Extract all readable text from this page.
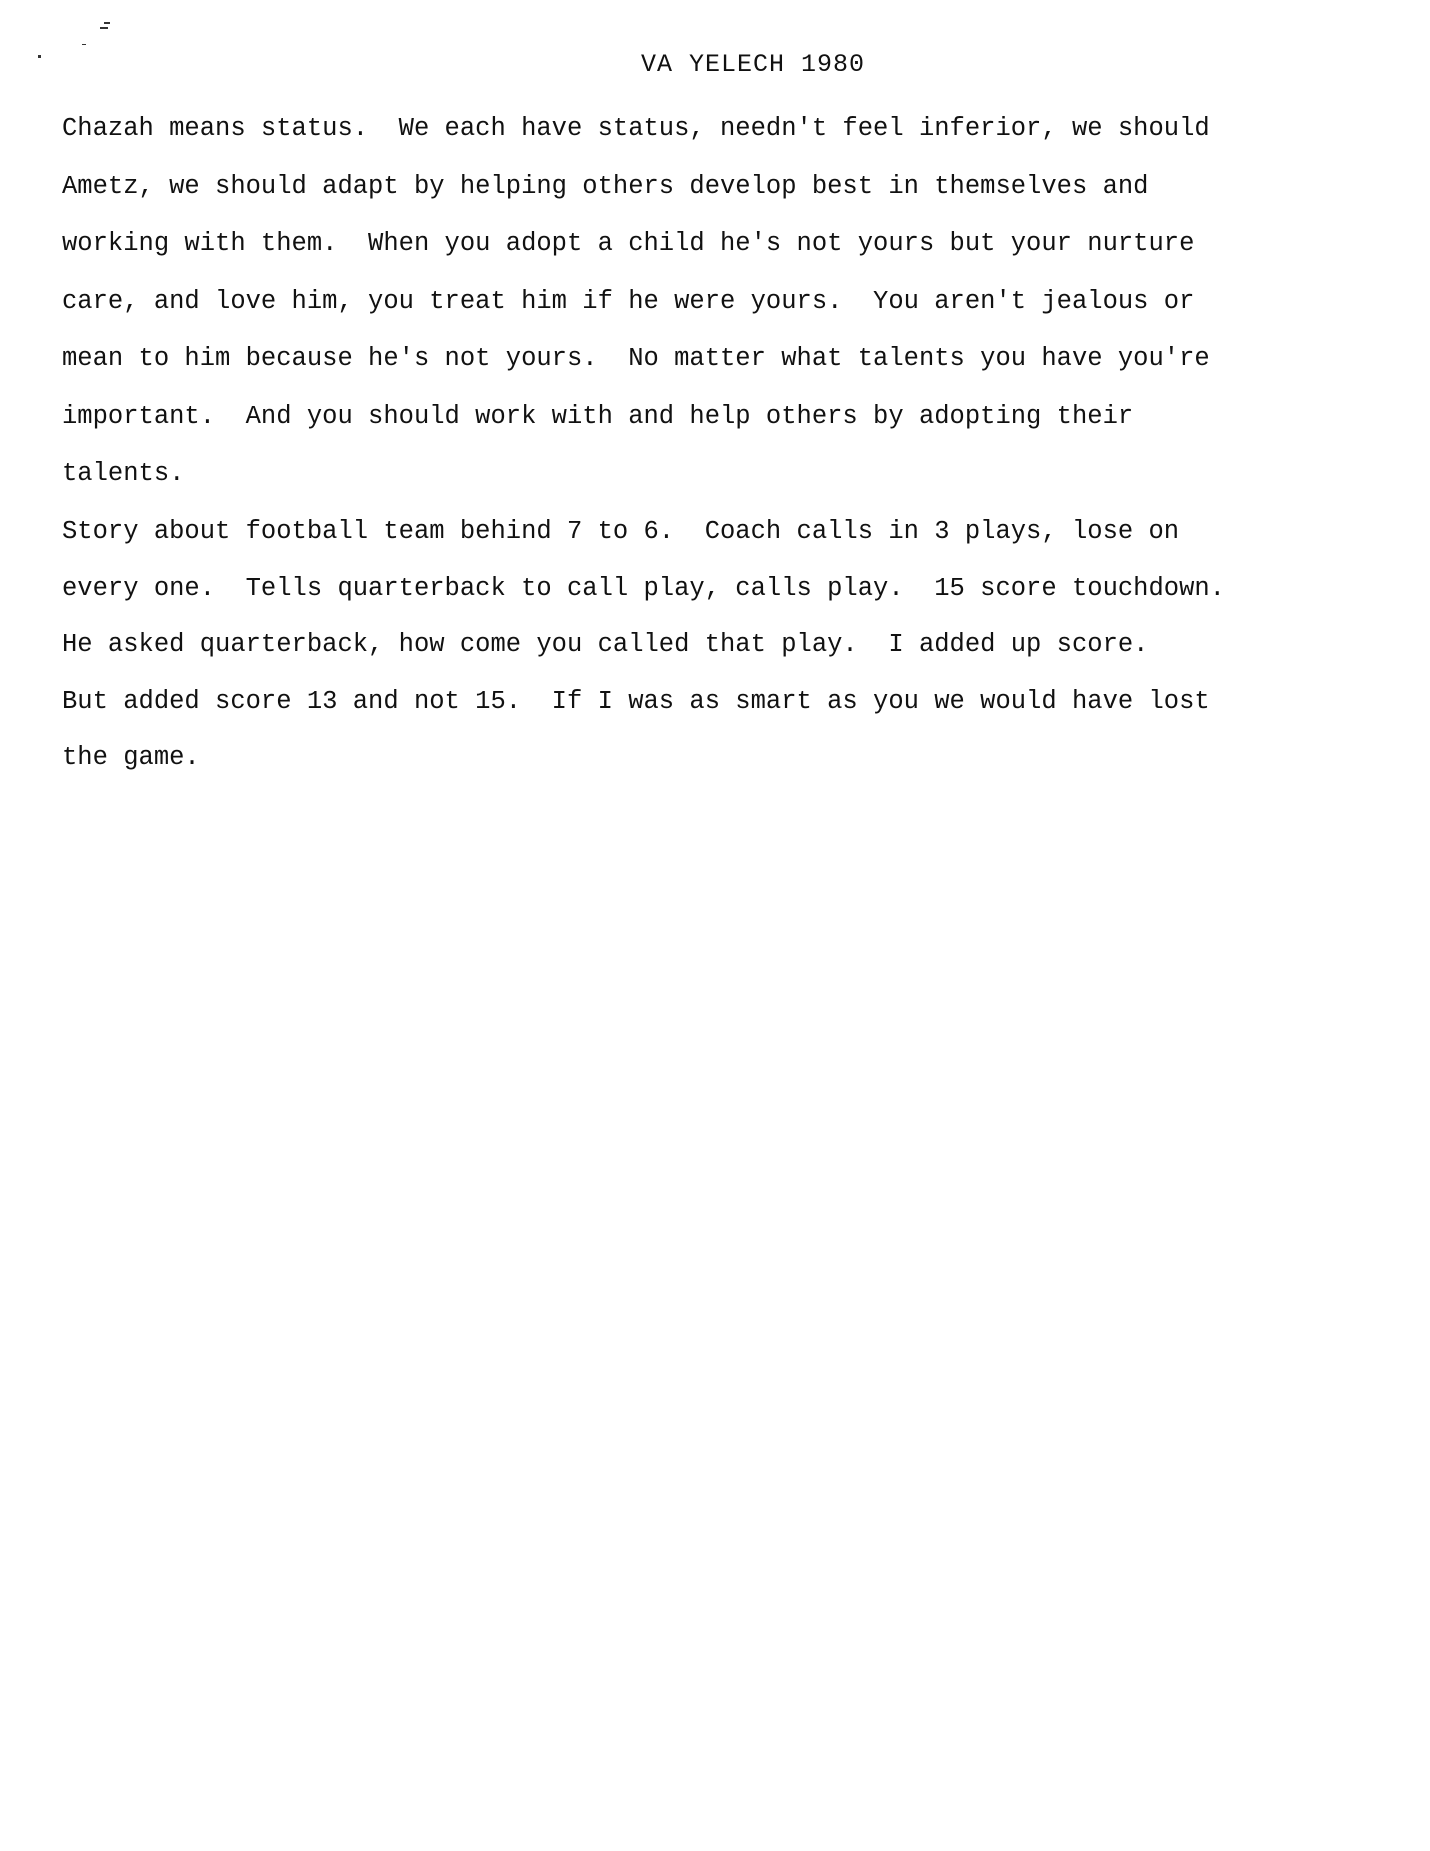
VA YELECH 1980
Chazah means status.  We each have status, needn't feel inferior, we should
Ametz, we should adapt by helping others develop best in themselves and
working with them.  When you adopt a child he's not yours but your nurture
care, and love him, you treat him if he were yours.  You aren't jealous or
mean to him because he's not yours.  No matter what talents you have you're
important.  And you should work with and help others by adopting their
talents.
Story about football team behind 7 to 6.  Coach calls in 3 plays, lose on
every one.  Tells quarterback to call play, calls play.  15 score touchdown.
He asked quarterback, how come you called that play.  I added up score.
But added score 13 and not 15.  If I was as smart as you we would have lost
the game.
